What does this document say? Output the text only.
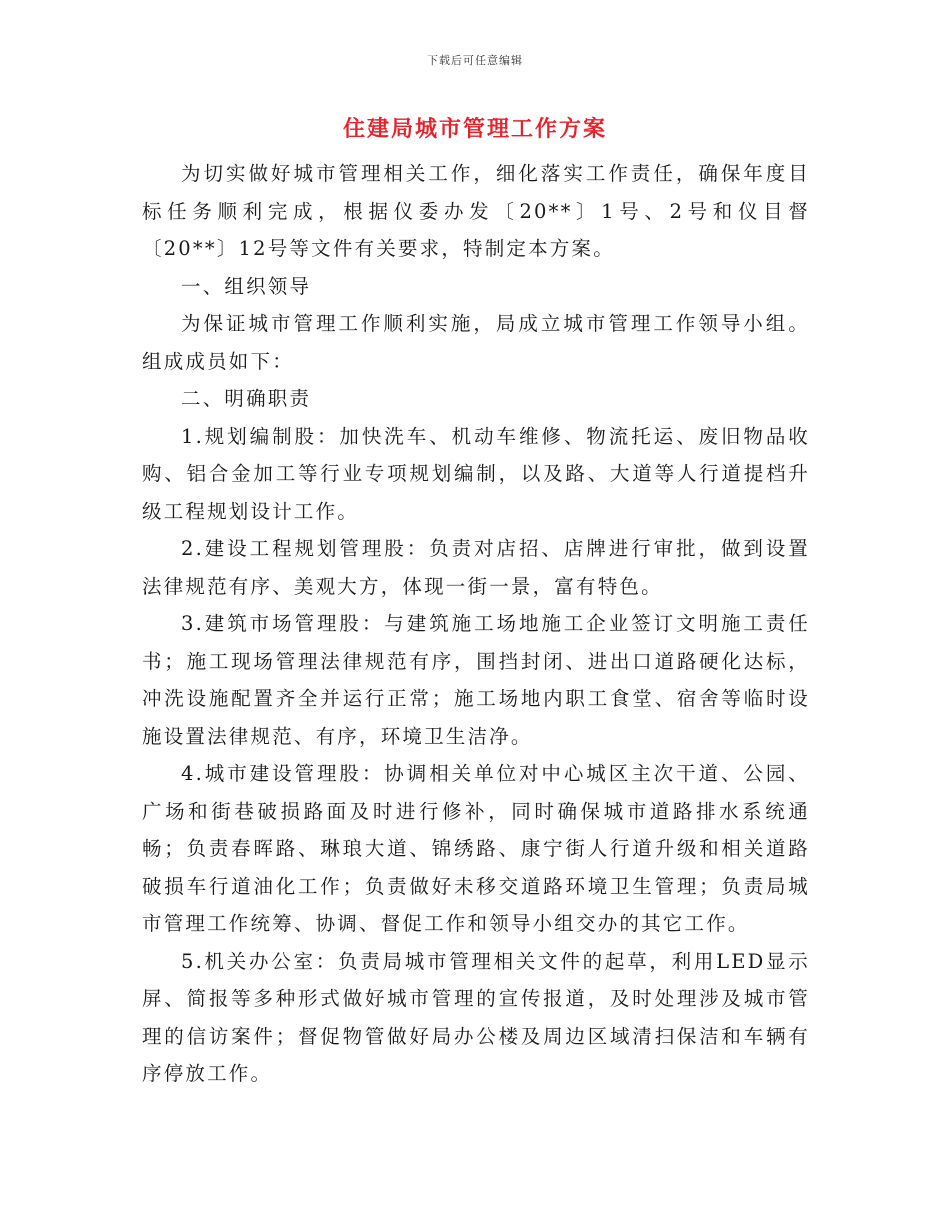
下载后可任意编辑
住建局城市管理工作方案

为切实做好城市管理相关工作，细化落实工作责任，确保年度目标任务顺利完成，根据仪委办发〔20**〕1号、2号和仪目督〔20**〕12号等文件有关要求，特制定本方案。

一、组织领导

为保证城市管理工作顺利实施，局成立城市管理工作领导小组。组成成员如下：

二、明确职责

1.规划编制股：加快洗车、机动车维修、物流托运、废旧物品收购、铝合金加工等行业专项规划编制，以及路、大道等人行道提档升级工程规划设计工作。

2.建设工程规划管理股：负责对店招、店牌进行审批，做到设置法律规范有序、美观大方，体现一街一景，富有特色。

3.建筑市场管理股：与建筑施工场地施工企业签订文明施工责任书；施工现场管理法律规范有序，围挡封闭、进出口道路硬化达标，冲洗设施配置齐全并运行正常；施工场地内职工食堂、宿舍等临时设施设置法律规范、有序，环境卫生洁净。

4.城市建设管理股：协调相关单位对中心城区主次干道、公园、广场和街巷破损路面及时进行修补，同时确保城市道路排水系统通畅；负责春晖路、琳琅大道、锦绣路、康宁街人行道升级和相关道路破损车行道油化工作；负责做好未移交道路环境卫生管理；负责局城市管理工作统筹、协调、督促工作和领导小组交办的其它工作。

5.机关办公室：负责局城市管理相关文件的起草，利用LED显示屏、简报等多种形式做好城市管理的宣传报道，及时处理涉及城市管理的信访案件；督促物管做好局办公楼及周边区域清扫保洁和车辆有序停放工作。
